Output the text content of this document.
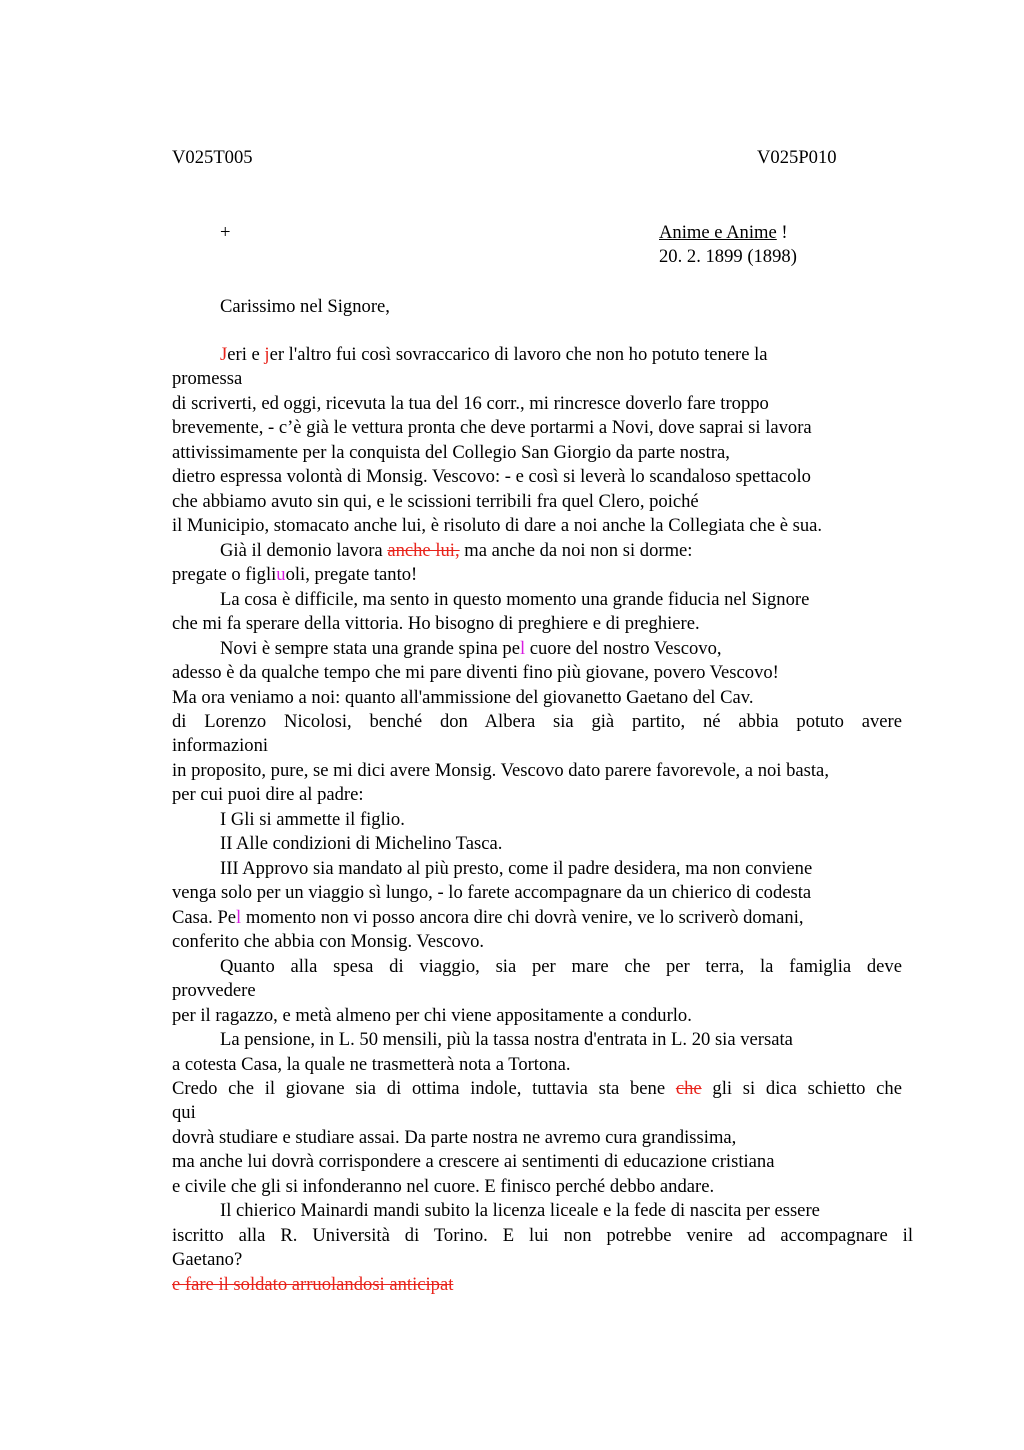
V025T005	V025P010
+	Anime e Anime !
20. 2. 1899 (1898)
Carissimo nel Signore,
Jeri e jer l'altro fui così sovraccarico di lavoro che non ho potuto tenere la
promessa
di scriverti, ed oggi, ricevuta la tua del 16 corr., mi rincresce doverlo fare troppo
brevemente, - c’è già le vettura pronta che deve portarmi a Novi, dove saprai si lavora
attivissimamente per la conquista del Collegio San Giorgio da parte nostra,
dietro espressa volontà di Monsig. Vescovo: - e così si leverà lo scandaloso spettacolo
che abbiamo avuto sin qui, e le scissioni terribili fra quel Clero, poiché
il Municipio, stomacato anche lui, è risoluto di dare a noi anche la Collegiata che è sua.
Già il demonio lavora anche lui, ma anche da noi non si dorme:
pregate o figliuoli, pregate tanto!
La cosa è difficile, ma sento in questo momento una grande fiducia nel Signore
che mi fa sperare della vittoria. Ho bisogno di preghiere e di preghiere.
Novi è sempre stata una grande spina pel cuore del nostro Vescovo,
adesso è da qualche tempo che mi pare diventi fino più giovane, povero Vescovo!
Ma ora veniamo a noi: quanto all'ammissione del giovanetto Gaetano del Cav.
di Lorenzo Nicolosi, benché don Albera sia già partito, né abbia potuto avere
informazioni
in proposito, pure, se mi dici avere Monsig. Vescovo dato parere favorevole, a noi basta,
per cui puoi dire al padre:
I Gli si ammette il figlio.
II Alle condizioni di Michelino Tasca.
III Approvo sia mandato al più presto, come il padre desidera, ma non conviene
venga solo per un viaggio sì lungo, - lo farete accompagnare da un chierico di codesta
Casa. Pel momento non vi posso ancora dire chi dovrà venire, ve lo scriverò domani,
conferito che abbia con Monsig. Vescovo.
Quanto alla spesa di viaggio, sia per mare che per terra, la famiglia deve
provvedere
per il ragazzo, e metà almeno per chi viene appositamente a condurlo.
La pensione, in L. 50 mensili, più la tassa nostra d'entrata in L. 20 sia versata
a cotesta Casa, la quale ne trasmetterà nota a Tortona.
Credo che il giovane sia di ottima indole, tuttavia sta bene che gli si dica schietto che
qui
dovrà studiare e studiare assai. Da parte nostra ne avremo cura grandissima,
ma anche lui dovrà corrispondere a crescere ai sentimenti di educazione cristiana
e civile che gli si infonderanno nel cuore. E finisco perché debbo andare.
Il chierico Mainardi mandi subito la licenza liceale e la fede di nascita per essere
iscritto alla R. Università di Torino. E lui non potrebbe venire ad accompagnare il
Gaetano?
e fare il soldato arruolandosi anticipat
